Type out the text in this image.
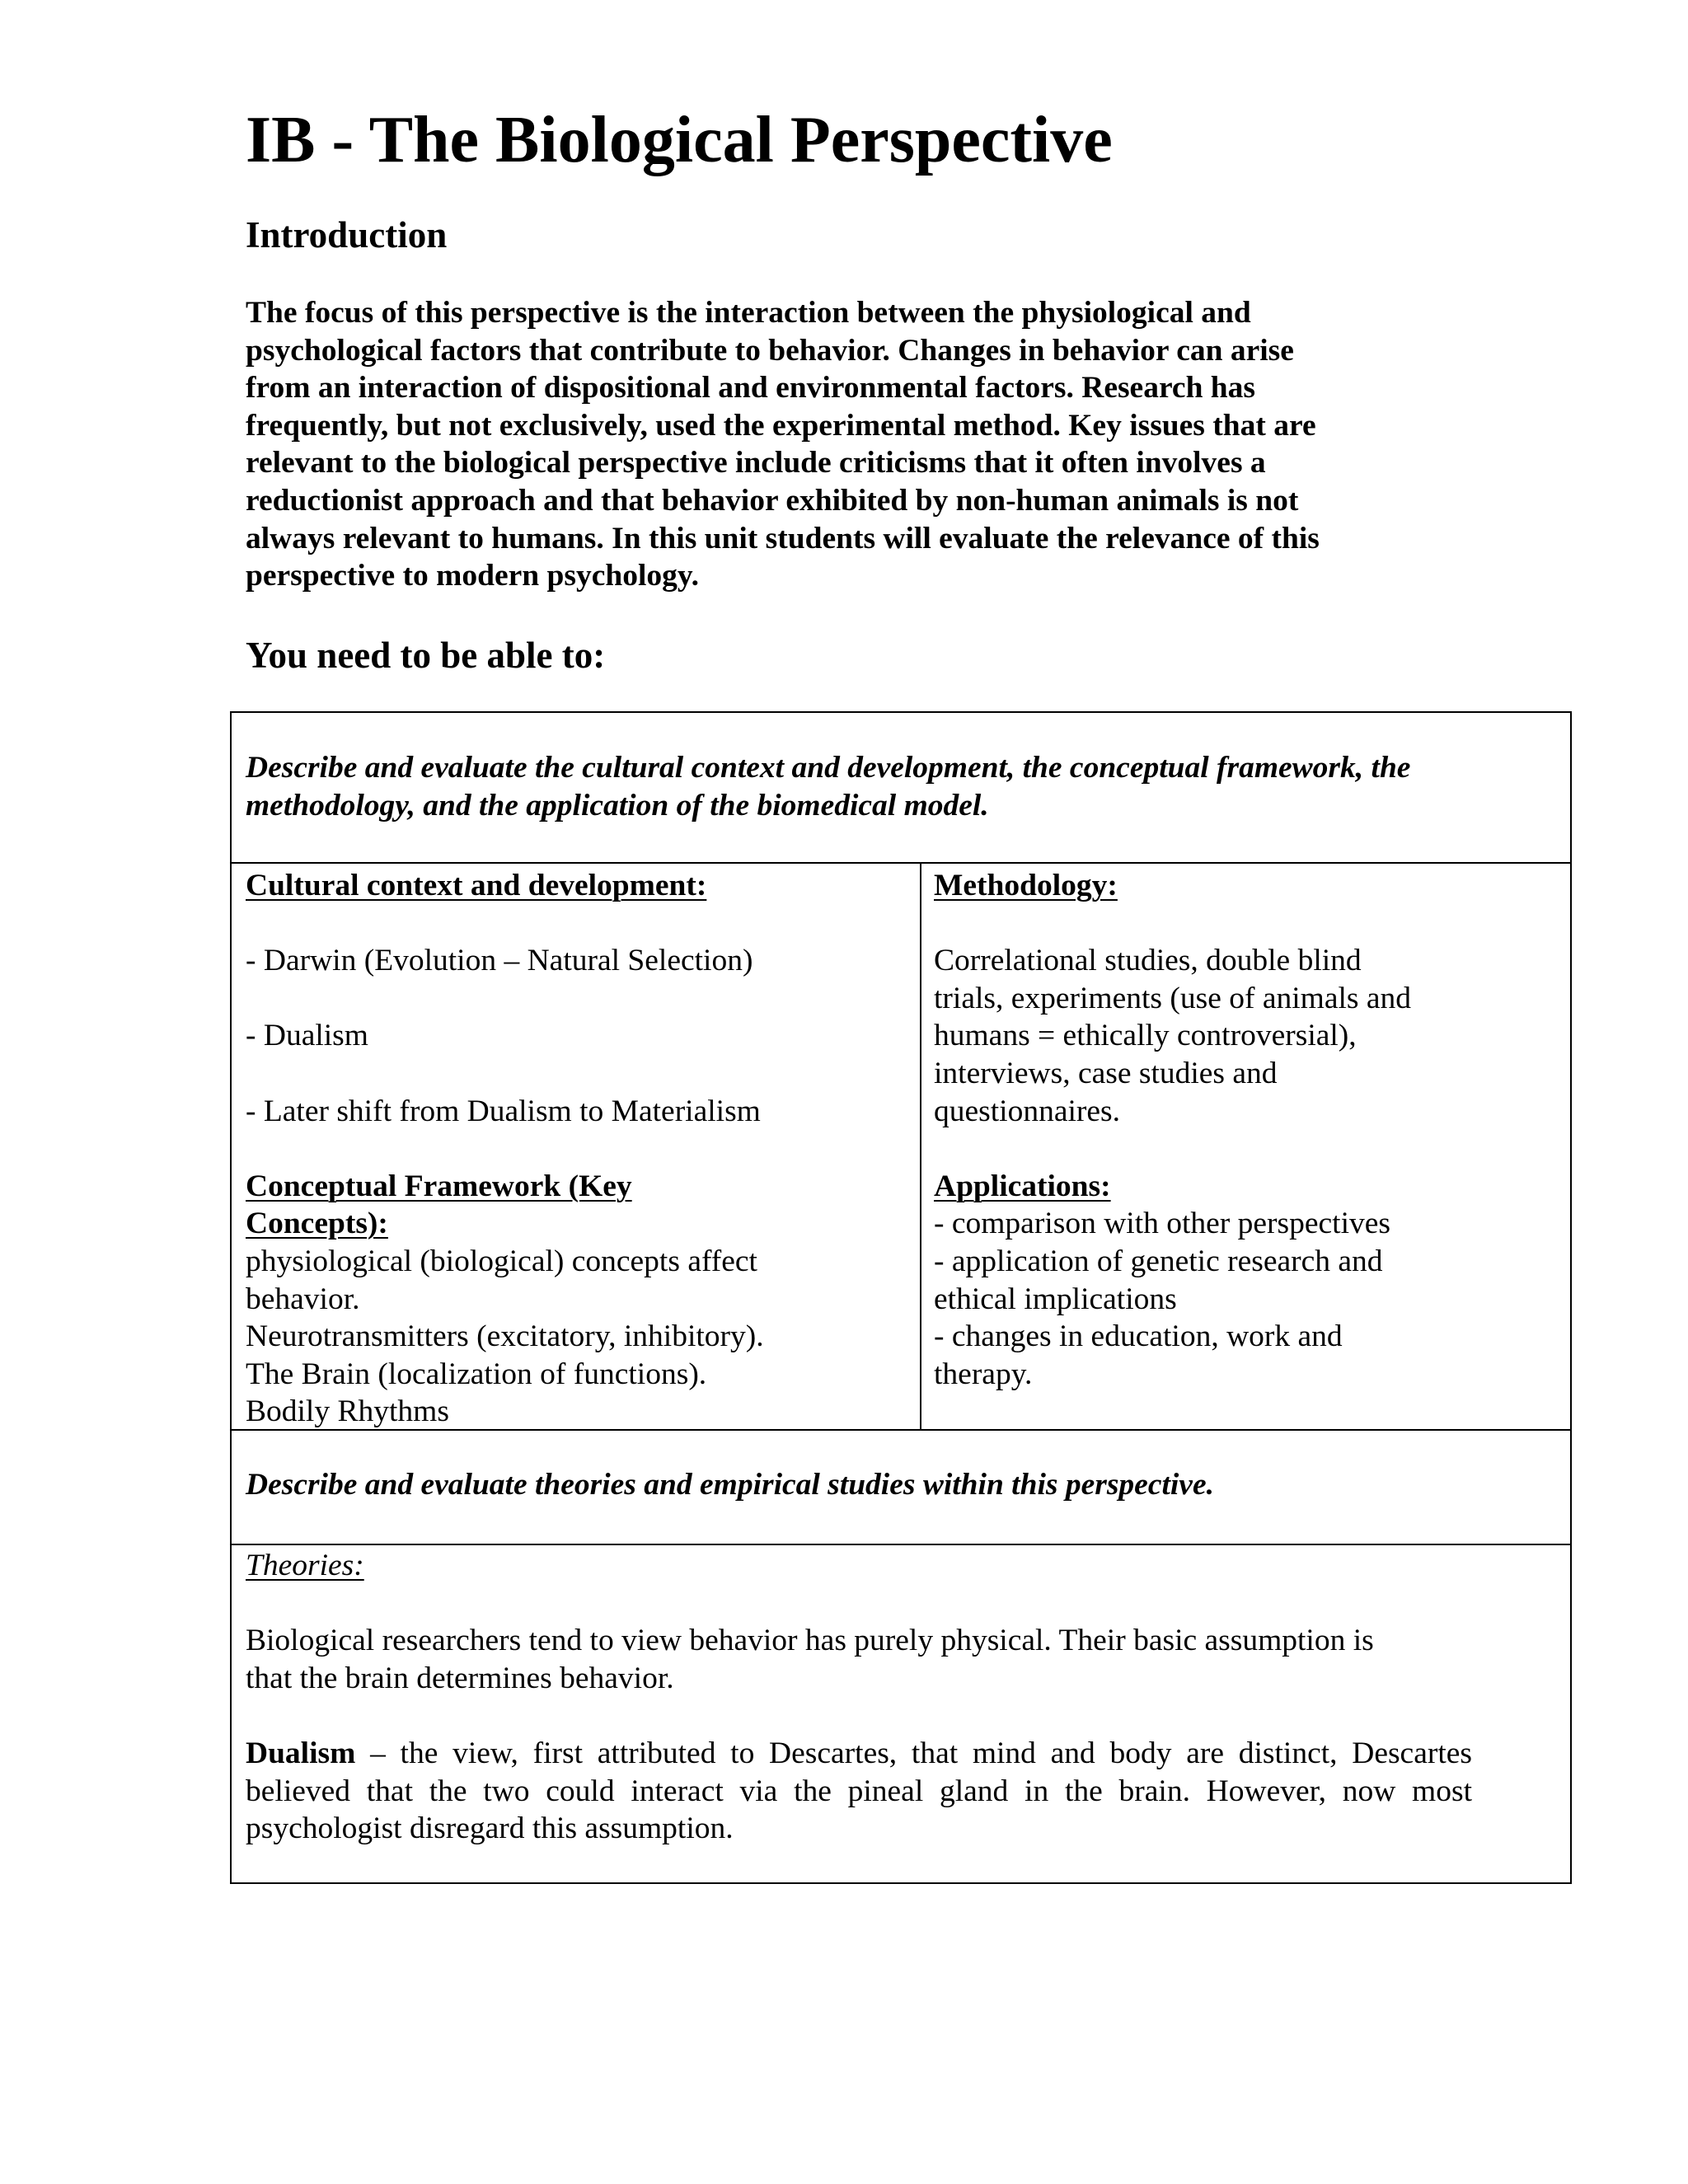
IB - The Biological Perspective
Introduction

The focus of this perspective is the interaction between the physiological and
psychological factors that contribute to behavior. Changes in behavior can arise
from an interaction of dispositional and environmental factors. Research has
frequently, but not exclusively, used the experimental method. Key issues that are
relevant to the biological perspective include criticisms that it often involves a
reductionist approach and that behavior exhibited by non-human animals is not
always relevant to humans. In this unit students will evaluate the relevance of this
perspective to modern psychology.

You need to be able to:
Describe and evaluate the cultural context and development, the conceptual framework, the
methodology, and the application of the biomedical model.
Cultural context and development:
- Darwin (Evolution – Natural Selection)
- Dualism
- Later shift from Dualism to Materialism
Conceptual Framework (Key
Concepts):
physiological (biological) concepts affect
behavior.
Neurotransmitters (excitatory, inhibitory).
The Brain (localization of functions).
Bodily Rhythms
Methodology:
Correlational studies, double blind
trials, experiments (use of animals and
humans = ethically controversial),
interviews, case studies and
questionnaires.
Applications:
- comparison with other perspectives
- application of genetic research and
ethical implications
- changes in education, work and
therapy.
Describe and evaluate theories and empirical studies within this perspective.
Theories:
Biological researchers tend to view behavior has purely physical. Their basic assumption is
that the brain determines behavior.
Dualism – the view, first attributed to Descartes, that mind and body are distinct, Descartes
believed that the two could interact via the pineal gland in the brain. However, now most
psychologist disregard this assumption.
